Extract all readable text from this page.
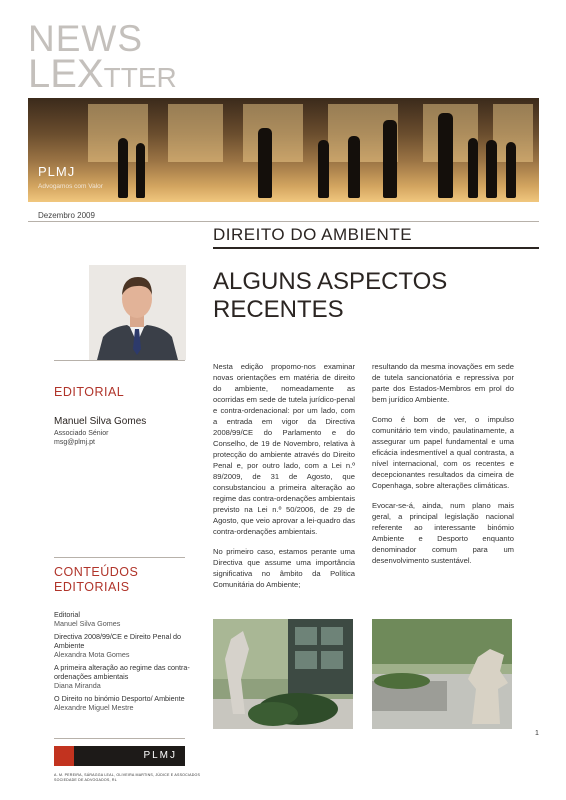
NEWS
LEXTTER
PLMJ
Advogamos com Valor
Dezembro 2009
DIREITO DO AMBIENTE
ALGUNS ASPECTOS RECENTES
EDITORIAL
Manuel Silva Gomes
Associado Sénior
msg@plmj.pt

Nesta edição propomo-nos examinar novas orientações em matéria de direito do ambiente, nomeadamente as ocorridas em sede de tutela jurídico-penal e contra-ordenacional: por um lado, com a entrada em vigor da Directiva 2008/99/CE do Parlamento e do Conselho, de 19 de Novembro, relativa à protecção do ambiente através do Direito Penal e, por outro lado, com a Lei n.º 89/2009, de 31 de Agosto, que consubstanciou a primeira alteração ao regime das contra-ordenações ambientais previsto na Lei n.º 50/2006, de 29 de Agosto, que veio aprovar a lei-quadro das contra-ordenações ambientais.

No primeiro caso, estamos perante uma Directiva que assume uma importância significativa no âmbito da Política Comunitária do Ambiente;

resultando da mesma inovações em sede de tutela sancionatória e repressiva por parte dos Estados-Membros em prol do bem jurídico Ambiente.

Como é bom de ver, o impulso comunitário tem vindo, paulatinamente, a assegurar um papel fundamental e uma eficácia indesmentível a qual contrasta, a nível internacional, com os recentes e decepcionantes resultados da cimeira de Copenhaga, sobre alterações climáticas.

Evocar-se-á, ainda, num plano mais geral, a principal legislação nacional referente ao interessante binómio Ambiente e Desporto enquanto denominador comum para um desenvolvimento sustentável.

CONTEÚDOS
EDITORIAIS
Editorial
Manuel Silva Gomes
Directiva 2008/99/CE e Direito Penal do Ambiente
Alexandra Mota Gomes
A primeira alteração ao regime das contra-ordenações ambientais
Diana Miranda
O Direito no binómio Desporto/ Ambiente
Alexandre Miguel Mestre
1
PLMJ
A. M. PEREIRA, SÁRAGGA LEAL, OLIVEIRA MARTINS, JÚDICE E ASSOCIADOS SOCIEDADE DE ADVOGADOS, RL
